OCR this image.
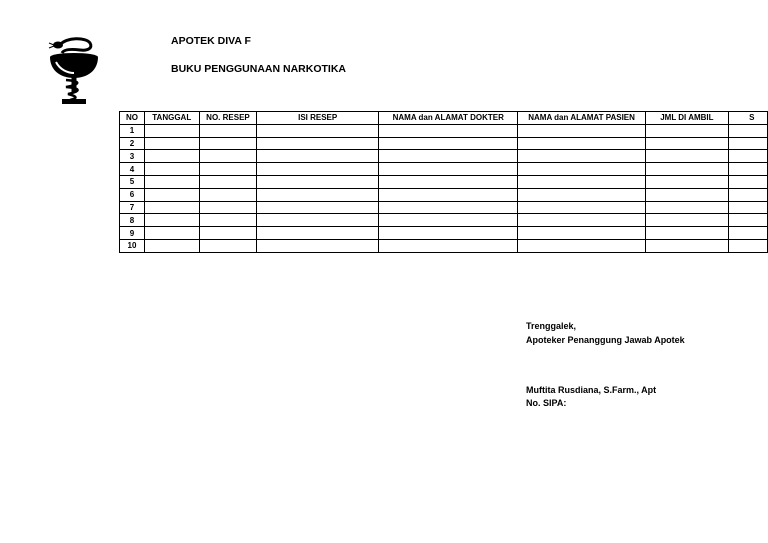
APOTEK DIVA F
BUKU PENGGUNAAN NARKOTIKA
NO	TANGGAL	NO. RESEP	ISI RESEP	NAMA dan ALAMAT DOKTER	NAMA dan ALAMAT PASIEN	JML DI AMBIL	S
1							
2							
3							
4							
5							
6							
7							
8							
9							
10							
Trenggalek,
Apoteker Penanggung Jawab Apotek
Muftita Rusdiana, S.Farm., Apt
No. SIPA:
